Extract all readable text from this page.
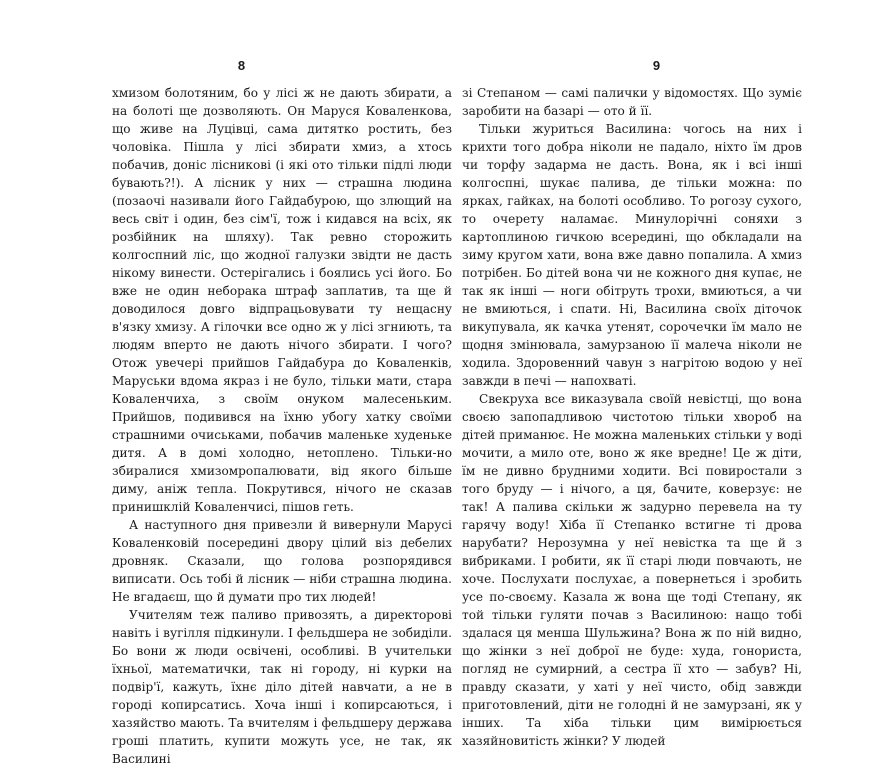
8

хмизом болотяним, бо у лісі ж не дають збирати, а на болоті ще дозволяють. Он Маруся Коваленкова, що живе на Луцівці, сама дитятко ростить, без чоловіка. Пішла у лісі збирати хмиз, а хтось побачив, доніс лісникові (і які ото тільки підлі люди бувають?!). А лісник у них — страшна людина (позаочі називали його Гайдабурою, що злющий на весь світ і один, без сім'ї, тож і кидався на всіх, як розбійник на шляху). Так ревно сторожить колгоспний ліс, що жодної галузки звідти не дасть нікому винести. Остерігались і боялись усі його. Бо вже не один неборака штраф заплатив, та ще й доводилося довго відпрацьовувати ту нещасну в'язку хмизу. А гілочки все одно ж у лісі згниють, та людям вперто не дають нічого збирати. І чого? Отож увечері прийшов Гайдабура до Коваленків, Маруськи вдома якраз і не було, тільки мати, стара Коваленчиха, з своїм онуком малесеньким. Прийшов, подивився на їхню убогу хатку своїми страшними очиськами, побачив маленьке худеньке дитя. А в домі холодно, нетоплено. Тільки-но збиралися хмизомропалювати, від якого більше диму, аніж тепла. Покрутився, нічого не сказав принишклій Коваленчисі, пішов геть.

А наступного дня привезли й вивернули Марусі Коваленковій посередині двору цілий віз дебелих дровняк. Сказали, що голова розпорядився виписати. Ось тобі й лісник — ніби страшна людина. Не вгадаєш, що й думати про тих людей!

Учителям теж паливо привозять, а директорові навіть і вугілля підкинули. І фельдшера не зобиділи. Бо вони ж люди освічені, особливі. В учительки їхньої, математички, так ні городу, ні курки на подвір'ї, кажуть, їхнє діло дітей навчати, а не в городі копирсатись. Хоча інші і копирсаються, і хазяйство мають. Та вчителям і фельдшеру держава гроші платить, купити можуть усе, не так, як Василині

9

зі Степаном — самі палички у відомостях. Що зуміє заробити на базарі — ото й її.

Тільки журиться Василина: чогось на них і крихти того добра ніколи не падало, ніхто їм дров чи торфу задарма не дасть. Вона, як і всі інші колгоспні, шукає палива, де тільки можна: по ярках, гайках, на болоті особливо. То рогозу сухого, то очерету наламає. Минулорічні соняхи з картоплиною гичкою всередині, що обкладали на зиму кругом хати, вона вже давно попалила. А хмиз потрібен. Бо дітей вона чи не кожного дня купає, не так як інші — ноги обітруть трохи, вмиються, а чи не вмиються, і спати. Ні, Василина своїх діточок викупувала, як качка утенят, сорочечки їм мало не щодня змінювала, замурзаною її малеча ніколи не ходила. Здоровенний чавун з нагрітою водою у неї завжди в печі — напохваті.

Свекруха все виказувала своїй невістці, що вона своєю запопадливою чистотою тільки хвороб на дітей приманює. Не можна маленьких стільки у воді мочити, а мило оте, воно ж яке вредне! Це ж діти, їм не дивно брудними ходити. Всі повиростали з того бруду — і нічого, а ця, бачите, коверзує: не так! А палива скільки ж задурно перевела на ту гарячу воду! Хіба її Степанко встигне ті дрова нарубати? Нерозумна у неї невістка та ще й з вибриками. І робити, як її старі люди повчають, не хоче. Послухати послухає, а повернеться і зробить усе по-своєму. Казала ж вона ще тоді Степану, як той тільки гуляти почав з Василиною: нащо тобі здалася ця менша Шульжина? Вона ж по ній видно, що жінки з неї доброї не буде: худа, гоноpиста, погляд не сумирний, а сестра її хто — забув? Ні, правду сказати, у хаті у неї чисто, обід завжди приготовлений, діти не голодні й не замурзані, як у інших. Та хіба тільки цим вимірюється хазяйновитість жінки? У людей
